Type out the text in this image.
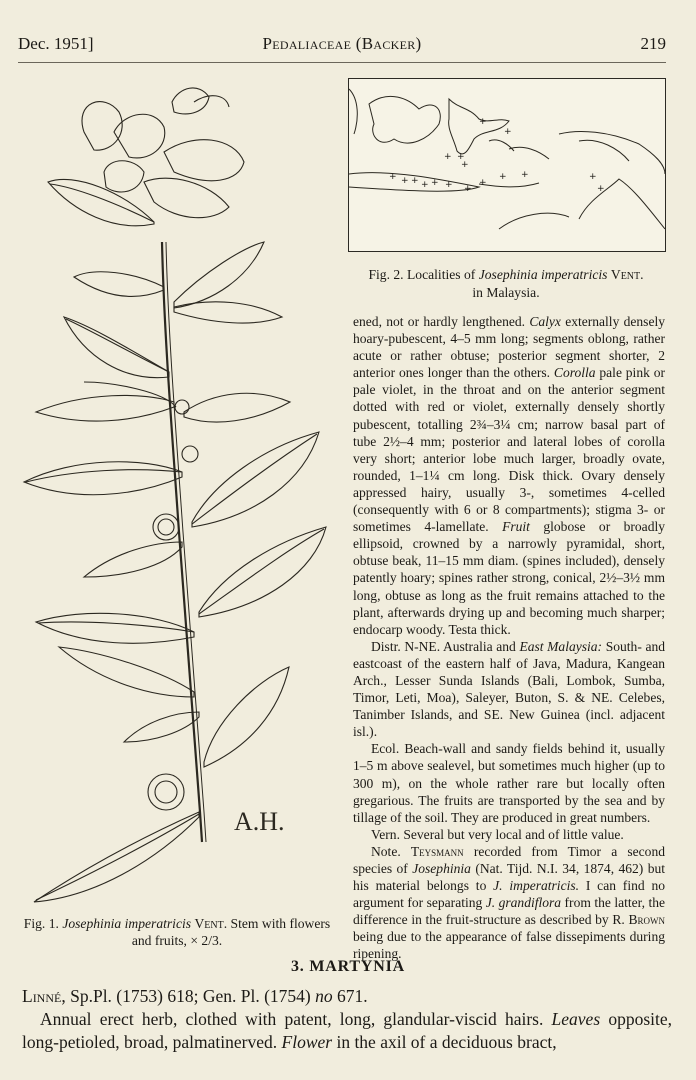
Dec. 1951]	Pedaliaceae (Backer)	219
A.H.
+
+
+ +
+
+ + + + + + +
+
+ +	+
+
Fig. 2. Localities of Josephinia imperatricis Vent.
in Malaysia.

ened, not or hardly lengthened. Calyx externally densely hoary-pubescent, 4–5 mm long; segments oblong, rather acute or rather obtuse; posterior segment shorter, 2 anterior ones longer than the others. Corolla pale pink or pale violet, in the throat and on the anterior segment dotted with red or violet, externally densely shortly pubescent, totalling 2¾–3¼ cm; narrow basal part of tube 2½–4 mm; posterior and lateral lobes of corolla very short; anterior lobe much larger, broadly ovate, rounded, 1–1¼ cm long. Disk thick. Ovary densely appressed hairy, usually 3-, sometimes 4-celled (consequently with 6 or 8 compartments); stigma 3- or sometimes 4-lamellate. Fruit globose or broadly ellipsoid, crowned by a narrowly pyramidal, short, obtuse beak, 11–15 mm diam. (spines included), densely patently hoary; spines rather strong, conical, 2½–3½ mm long, obtuse as long as the fruit remains attached to the plant, afterwards drying up and becoming much sharper; endocarp woody. Testa thick.

Distr. N-NE. Australia and East Malaysia: South- and eastcoast of the eastern half of Java, Madura, Kangean Arch., Lesser Sunda Islands (Bali, Lombok, Sumba, Timor, Leti, Moa), Saleyer, Buton, S. & NE. Celebes, Tanimber Islands, and SE. New Guinea (incl. adjacent isl.).

Ecol. Beach-wall and sandy fields behind it, usually 1–5 m above sealevel, but sometimes much higher (up to 300 m), on the whole rather rare but locally often gregarious. The fruits are transported by the sea and by tillage of the soil. They are produced in great numbers.

Vern. Several but very local and of little value.

Note. Teysmann recorded from Timor a second species of Josephinia (Nat. Tijd. N.I. 34, 1874, 462) but his material belongs to J. imperatricis. I can find no argument for separating J. grandiflora from the latter, the difference in the fruit-structure as described by R. Brown being due to the appearance of false dissepiments during ripening.

Fig. 1. Josephinia imperatricis Vent. Stem with flowers and fruits, × 2/3.
3. MARTYNIA
Linné, Sp.Pl. (1753) 618; Gen. Pl. (1754) no 671.
Annual erect herb, clothed with patent, long, glandular-viscid hairs. Leaves opposite, long-petioled, broad, palmatinerved. Flower in the axil of a deciduous bract,
